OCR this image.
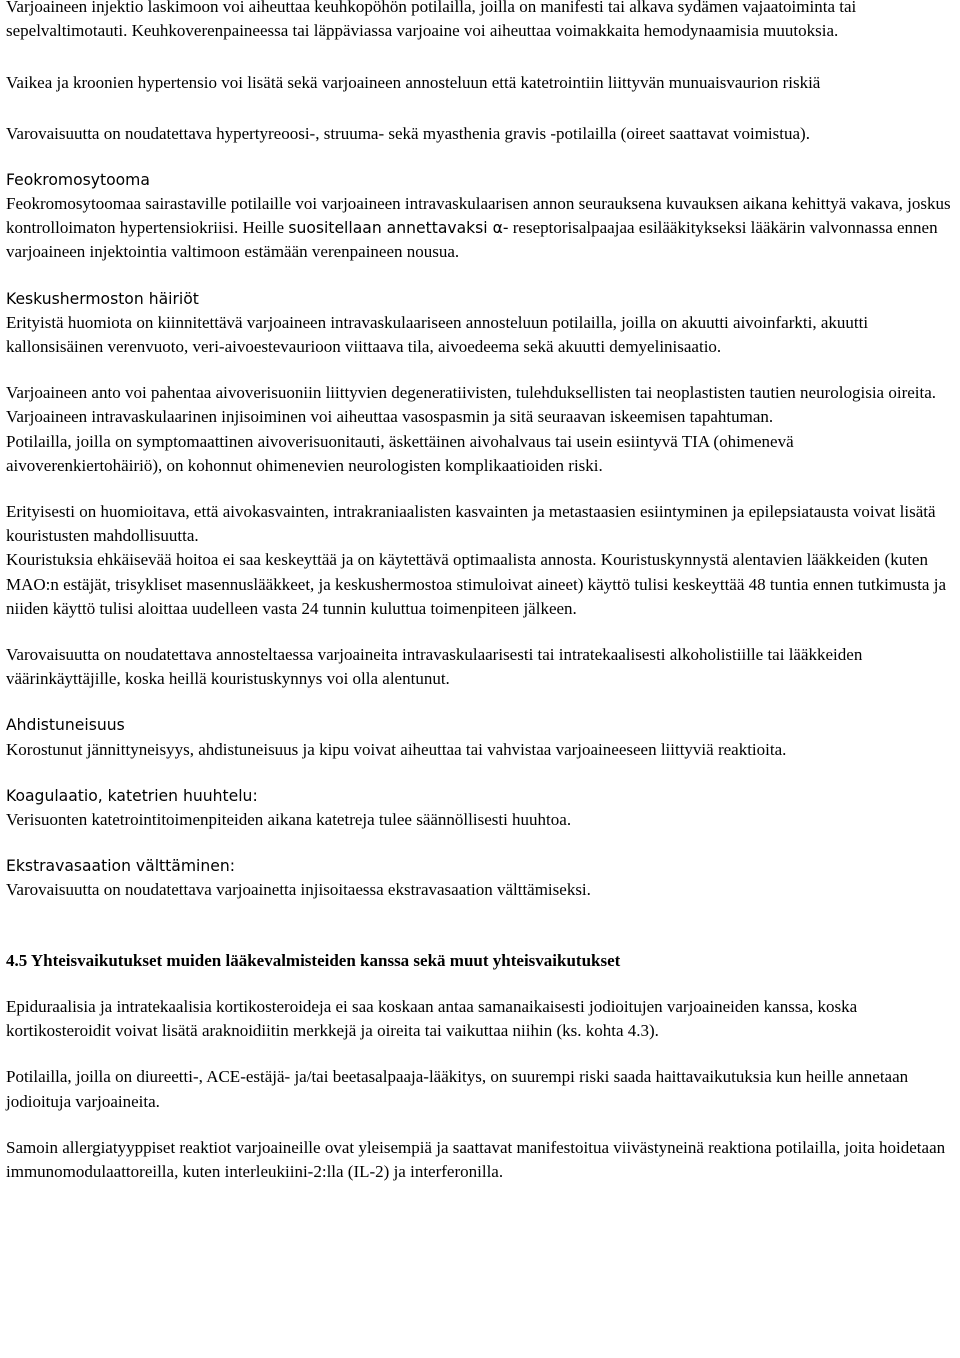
Varjoaineen injektio laskimoon voi aiheuttaa keuhkopöhön potilailla, joilla on manifesti tai alkava sydämen vajaatoiminta tai sepelvaltimotauti. Keuhkoverenpaineessa tai läppäviassa varjoaine voi aiheuttaa voimakkaita hemodynaamisia muutoksia.

Vaikea ja kroonien hypertensio voi lisätä sekä varjoaineen annosteluun että katetrointiin liittyvän munuaisvaurion riskiä

Varovaisuutta on noudatettava hypertyreoosi-, struuma- sekä myasthenia gravis -potilailla (oireet saattavat voimistua).

Feokromosytooma

Feokromosytoomaa sairastaville potilaille voi varjoaineen intravaskulaarisen annon seurauksena kuvauksen aikana kehittyä vakava, joskus kontrolloimaton hypertensiokriisi. Heille suositellaan annettavaksi α- reseptorisalpaajaa esilääkitykseksi lääkärin valvonnassa ennen varjoaineen injektointia valtimoon estämään verenpaineen nousua.

Keskushermoston häiriöt

Erityistä huomiota on kiinnitettävä varjoaineen intravaskulaariseen annosteluun potilailla, joilla on akuutti aivoinfarkti, akuutti kallonsisäinen verenvuoto, veri-aivoestevaurioon viittaava tila, aivoedeema sekä akuutti demyelinisaatio.

Varjoaineen anto voi pahentaa aivoverisuoniin liittyvien degeneratiivisten, tulehduksellisten tai neoplastisten tautien neurologisia oireita.

Varjoaineen intravaskulaarinen injisoiminen voi aiheuttaa vasospasmin ja sitä seuraavan iskeemisen tapahtuman.

Potilailla, joilla on symptomaattinen aivoverisuonitauti, äskettäinen aivohalvaus tai usein esiintyvä TIA (ohimenevä aivoverenkiertohäiriö), on kohonnut ohimenevien neurologisten komplikaatioiden riski.

Erityisesti on huomioitava, että aivokasvainten, intrakraniaalisten kasvainten ja metastaasien esiintyminen ja epilepsiatausta voivat lisätä kouristusten mahdollisuutta.

Kouristuksia ehkäisevää hoitoa ei saa keskeyttää ja on käytettävä optimaalista annosta. Kouristuskynnystä alentavien lääkkeiden (kuten MAO:n estäjät, trisykliset masennuslääkkeet, ja keskushermostoa stimuloivat aineet) käyttö tulisi keskeyttää 48 tuntia ennen tutkimusta ja niiden käyttö tulisi aloittaa uudelleen vasta 24 tunnin kuluttua toimenpiteen jälkeen.

Varovaisuutta on noudatettava annosteltaessa varjoaineita intravaskulaarisesti tai intratekaalisesti alkoholistiille tai lääkkeiden väärinkäyttäjille, koska heillä kouristuskynnys voi olla alentunut.

Ahdistuneisuus

Korostunut jännittyneisyys, ahdistuneisuus ja kipu voivat aiheuttaa tai vahvistaa varjoaineeseen liittyviä reaktioita.

Koagulaatio, katetrien huuhtelu:

Verisuonten katetrointitoimenpiteiden aikana katetreja tulee säännöllisesti huuhtoa.

Ekstravasaation välttäminen:

Varovaisuutta on noudatettava varjoainetta injisoitaessa ekstravasaation välttämiseksi.

4.5 Yhteisvaikutukset muiden lääkevalmisteiden kanssa sekä muut yhteisvaikutukset

Epiduraalisia ja intratekaalisia kortikosteroideja ei saa koskaan antaa samanaikaisesti jodioitujen varjoaineiden kanssa, koska kortikosteroidit voivat lisätä araknoidiitin merkkejä ja oireita tai vaikuttaa niihin (ks. kohta 4.3).

Potilailla, joilla on diureetti-, ACE-estäjä- ja/tai beetasalpaaja-lääkitys, on suurempi riski saada haittavaikutuksia kun heille annetaan jodioituja varjoaineita.

Samoin allergiatyyppiset reaktiot varjoaineille ovat yleisempiä ja saattavat manifestoitua viivästyneinä reaktiona potilailla, joita hoidetaan immunomodulaattoreilla, kuten interleukiini-2:lla (IL-2) ja interferonilla.
